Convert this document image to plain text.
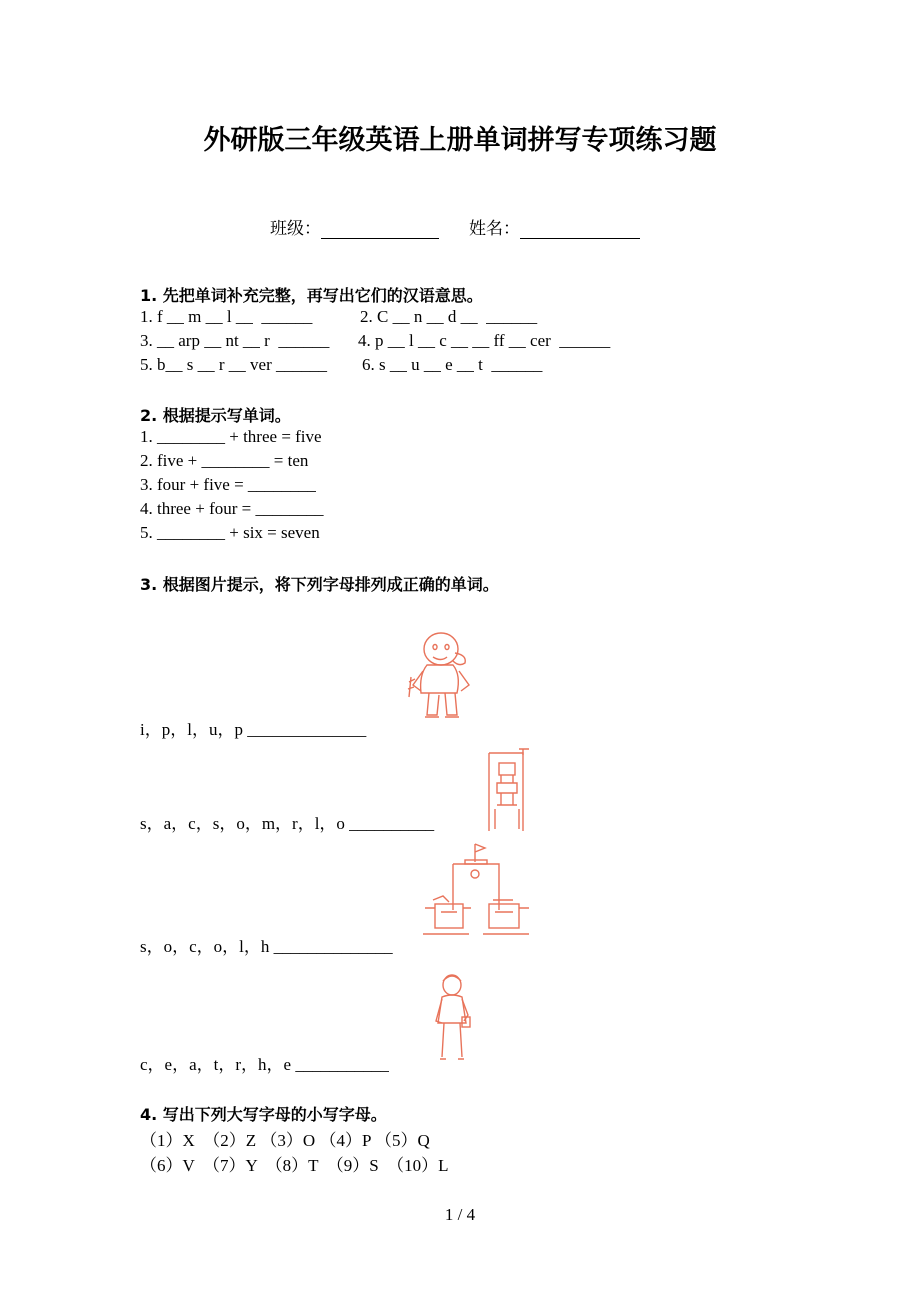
外研版三年级英语上册单词拼写专项练习题
班级：	姓名：
1. 先把单词补充完整，再写出它们的汉语意思。
1. f __ m __ l __  ______	2. C __ n __ d __  ______
3. __ arp __ nt __ r  ______ 4. p __ l __ c __ __ ff __ cer  ______
5. b__ s __ r __ ver ______ 6. s __ u __ e __ t  ______
2. 根据提示写单词。
1. ________ + three = five
2. five + ________ = ten
3. four + five = ________
4. three + four = ________
5. ________ + six = seven
3. 根据图片提示，将下列字母排列成正确的单词。
i，p，l，u，p ______________
s，a，c，s，o，m，r，l，o __________
s，o，c，o，l，h ______________
c，e，a，t，r，h，e ___________
4. 写出下列大写字母的小写字母。
（1）X  （2）Z （3）O （4）P （5）Q
（6）V  （7）Y  （8）T  （9）S  （10）L
1 / 4
